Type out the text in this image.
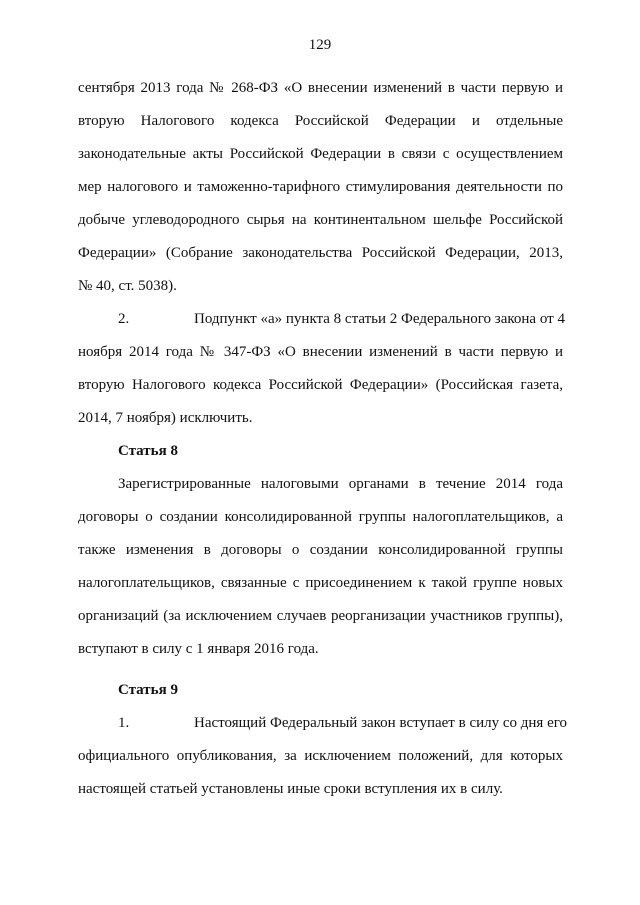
129
сентября 2013 года № 268-ФЗ «О внесении изменений в части первую и
вторую Налогового кодекса Российской Федерации и отдельные
законодательные акты Российской Федерации в связи с осуществлением
мер налогового и таможенно-тарифного стимулирования деятельности по
добыче углеводородного сырья на континентальном шельфе Российской
Федерации» (Собрание законодательства Российской Федерации, 2013,
№ 40, ст. 5038).
2.	Подпункт «а» пункта 8 статьи 2 Федерального закона от 4
ноября 2014 года № 347-ФЗ «О внесении изменений в части первую и
вторую Налогового кодекса Российской Федерации» (Российская газета,
2014, 7 ноября) исключить.
Статья 8
Зарегистрированные налоговыми органами в течение 2014 года
договоры о создании консолидированной группы налогоплательщиков, а
также изменения в договоры о создании консолидированной группы
налогоплательщиков, связанные с присоединением к такой группе новых
организаций (за исключением случаев реорганизации участников группы),
вступают в силу с 1 января 2016 года.
Статья 9
1.	Настоящий Федеральный закон вступает в силу со дня его
официального опубликования, за исключением положений, для которых
настоящей статьей установлены иные сроки вступления их в силу.
